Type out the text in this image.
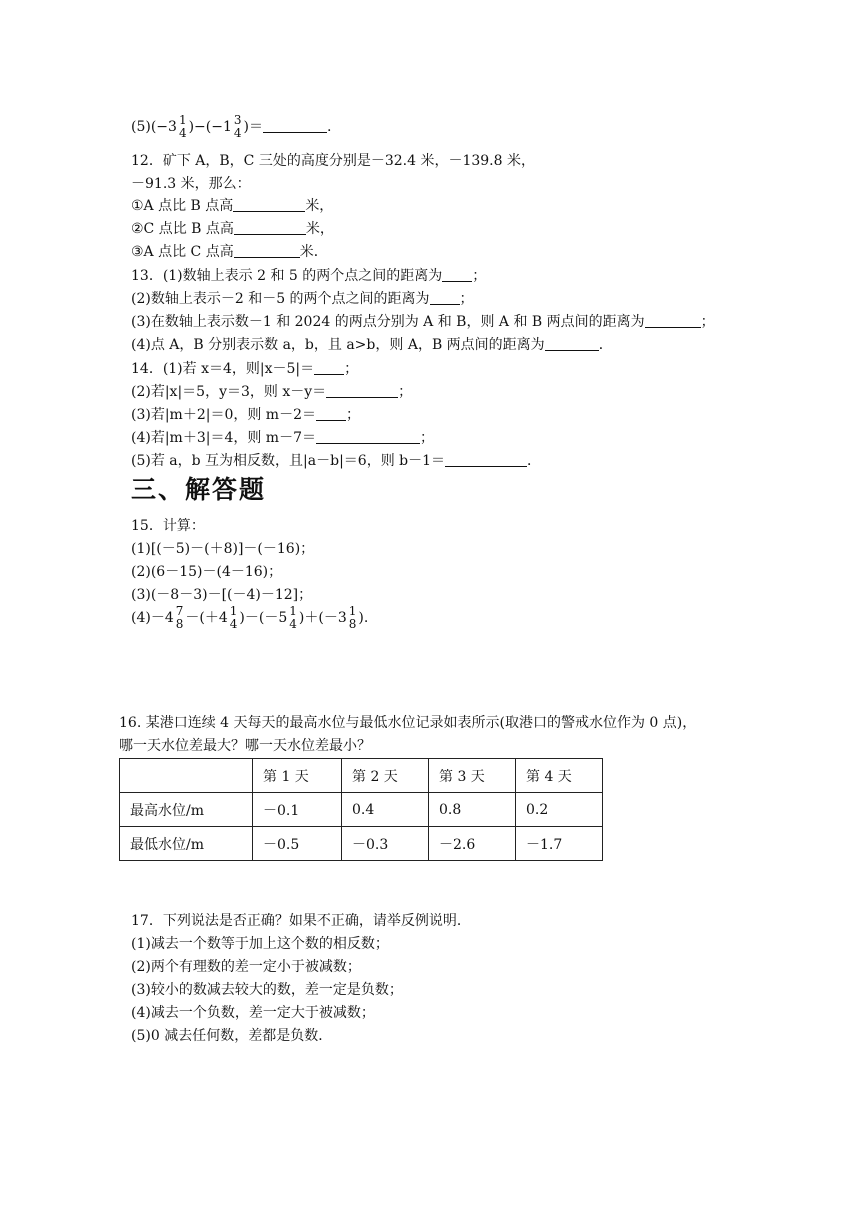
(5)(−3 1
4 )−(−1 3
4 )＝	.
12．矿下 A，B，C 三处的高度分别是－32.4 米，－139.8 米，
－91.3 米，那么：
①A 点比 B 点高	米，
②C 点比 B 点高	米，
③A 点比 C 点高	米．
13．(1)数轴上表示 2 和 5 的两个点之间的距离为 ；
(2)数轴上表示－2 和－5 的两个点之间的距离为 ；
(3)在数轴上表示数－1 和 2024 的两点分别为 A 和 B，则 A 和 B 两点间的距离为	；
(4)点 A，B 分别表示数 a，b，且 a>b，则 A，B 两点间的距离为	．
14．(1)若 x＝4，则|x－5|＝ ；
(2)若|x|＝5，y＝3，则 x－y＝	；
(3)若|m＋2|＝0，则 m－2＝ ；
(4)若|m＋3|＝4，则 m－7＝	；
(5)若 a，b 互为相反数，且|a－b|＝6，则 b－1＝	．
三、解答题
15．计算：
(1)[(－5)－(＋8)]－(－16)；
(2)(6－15)－(4－16)；
(3)(－8－3)－[(－4)－12]；
(4)－4 7
8 －(＋4 1
4 )－(－5 1
4 )＋(－3 1
8 ).
16. 某港口连续 4 天每天的最高水位与最低水位记录如表所示(取港口的警戒水位作为 0 点)，
哪一天水位差最大？哪一天水位差最小？
	第 1 天	第 2 天	第 3 天	第 4 天
最高水位/m	－0.1	0.4	0.8	0.2
最低水位/m	－0.5	－0.3	－2.6	－1.7
17．下列说法是否正确？如果不正确，请举反例说明．
(1)减去一个数等于加上这个数的相反数；
(2)两个有理数的差一定小于被减数；
(3)较小的数减去较大的数，差一定是负数；
(4)减去一个负数，差一定大于被减数；
(5)0 减去任何数，差都是负数．
